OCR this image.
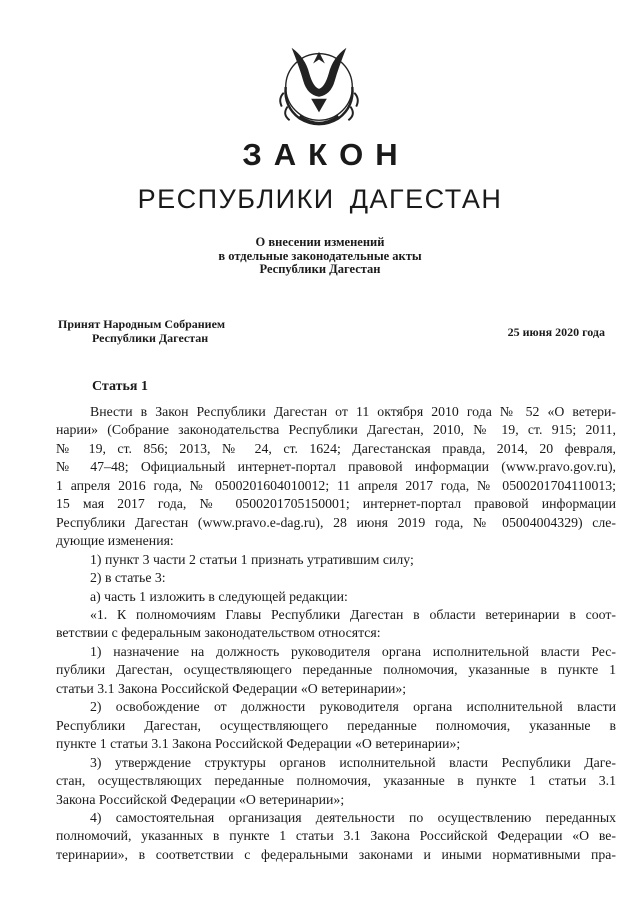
ЗАКОН
РЕСПУБЛИКИ ДАГЕСТАН
О внесении изменений
в отдельные законодательные акты
Республики Дагестан
Принят Народным Собранием
Республики Дагестан	25 июня 2020 года
Статья 1
Внести в Закон Республики Дагестан от 11 октября 2010 года № 52 «О ветери-
нарии» (Собрание законодательства Республики Дагестан, 2010, № 19, ст. 915; 2011,
№ 19, ст. 856; 2013, № 24, ст. 1624; Дагестанская правда, 2014, 20 февраля,
№ 47–48; Официальный интернет-портал правовой информации (www.pravo.gov.ru),
1 апреля 2016 года, № 0500201604010012; 11 апреля 2017 года, № 0500201704110013;
15 мая 2017 года, № 0500201705150001; интернет-портал правовой информации
Республики Дагестан (www.pravo.e-dag.ru), 28 июня 2019 года, № 05004004329) сле-
дующие изменения:
1) пункт 3 части 2 статьи 1 признать утратившим силу;
2) в статье 3:
а) часть 1 изложить в следующей редакции:
«1. К полномочиям Главы Республики Дагестан в области ветеринарии в соот-
ветствии с федеральным законодательством относятся:
1) назначение на должность руководителя органа исполнительной власти Рес-
публики Дагестан, осуществляющего переданные полномочия, указанные в пункте 1
статьи 3.1 Закона Российской Федерации «О ветеринарии»;
2) освобождение от должности руководителя органа исполнительной власти
Республики Дагестан, осуществляющего переданные полномочия, указанные в
пункте 1 статьи 3.1 Закона Российской Федерации «О ветеринарии»;
3) утверждение структуры органов исполнительной власти Республики Даге-
стан, осуществляющих переданные полномочия, указанные в пункте 1 статьи 3.1
Закона Российской Федерации «О ветеринарии»;
4) самостоятельная организация деятельности по осуществлению переданных
полномочий, указанных в пункте 1 статьи 3.1 Закона Российской Федерации «О ве-
теринарии», в соответствии с федеральными законами и иными нормативными пра-
